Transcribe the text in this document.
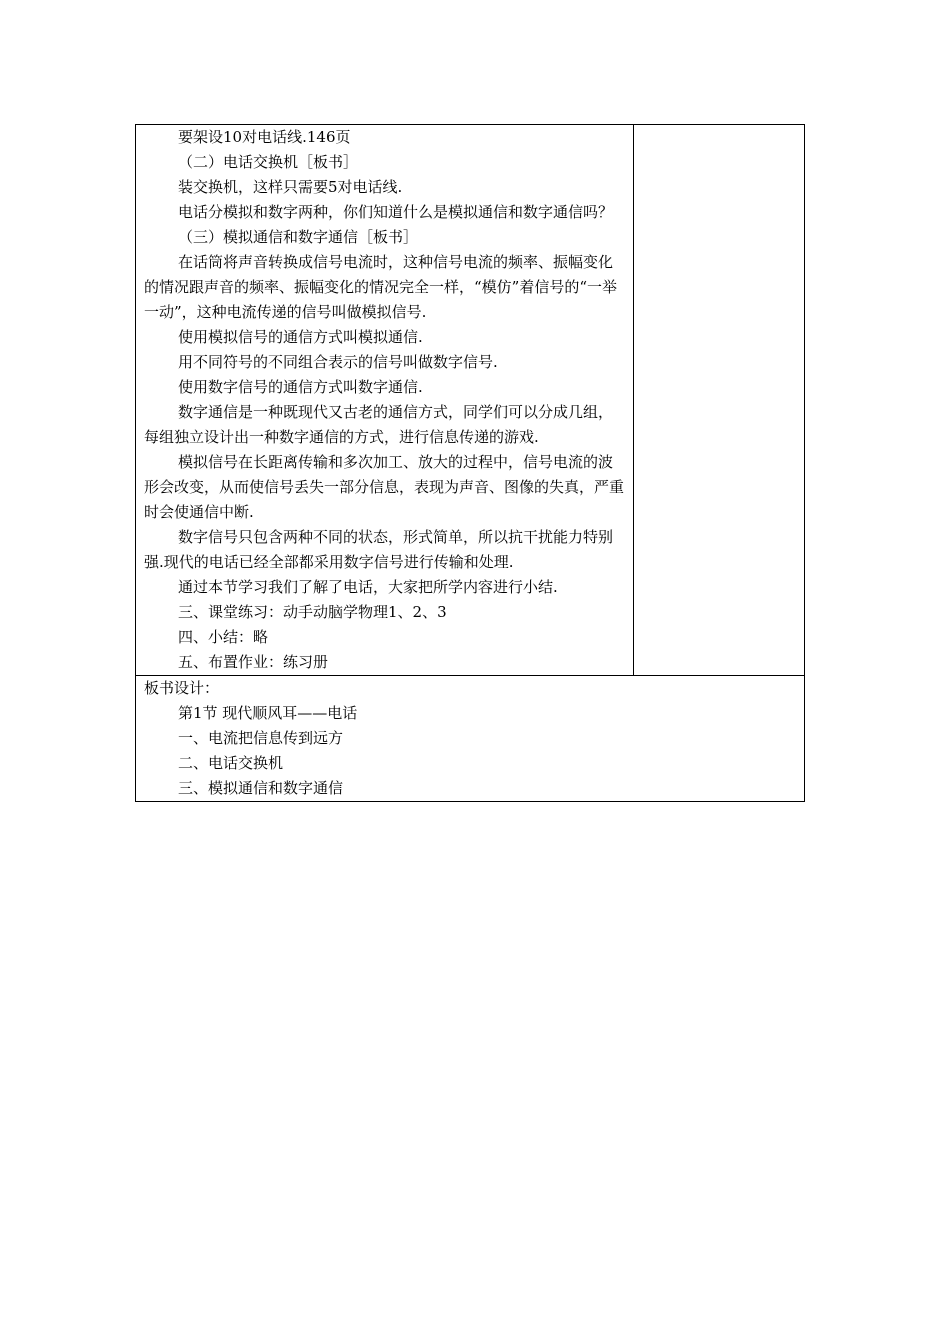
要架设10对电话线.146页

（二）电话交换机［板书］

装交换机，这样只需要5对电话线.

电话分模拟和数字两种，你们知道什么是模拟通信和数字通信吗？

（三）模拟通信和数字通信［板书］

在话筒将声音转换成信号电流时，这种信号电流的频率、振幅变化的情况跟声音的频率、振幅变化的情况完全一样，“模仿”着信号的“一举一动”，这种电流传递的信号叫做模拟信号.

使用模拟信号的通信方式叫模拟通信.

用不同符号的不同组合表示的信号叫做数字信号.

使用数字信号的通信方式叫数字通信.

数字通信是一种既现代又古老的通信方式，同学们可以分成几组，每组独立设计出一种数字通信的方式，进行信息传递的游戏.

模拟信号在长距离传输和多次加工、放大的过程中，信号电流的波形会改变，从而使信号丢失一部分信息，表现为声音、图像的失真，严重时会使通信中断.

数字信号只包含两种不同的状态，形式简单，所以抗干扰能力特别强.现代的电话已经全部都采用数字信号进行传输和处理.

通过本节学习我们了解了电话，大家把所学内容进行小结.

三、课堂练习：动手动脑学物理1、2、3

四、小结：略

五、布置作业：练习册

板书设计：

第1节 现代顺风耳——电话

一、电流把信息传到远方

二、电话交换机

三、模拟通信和数字通信
